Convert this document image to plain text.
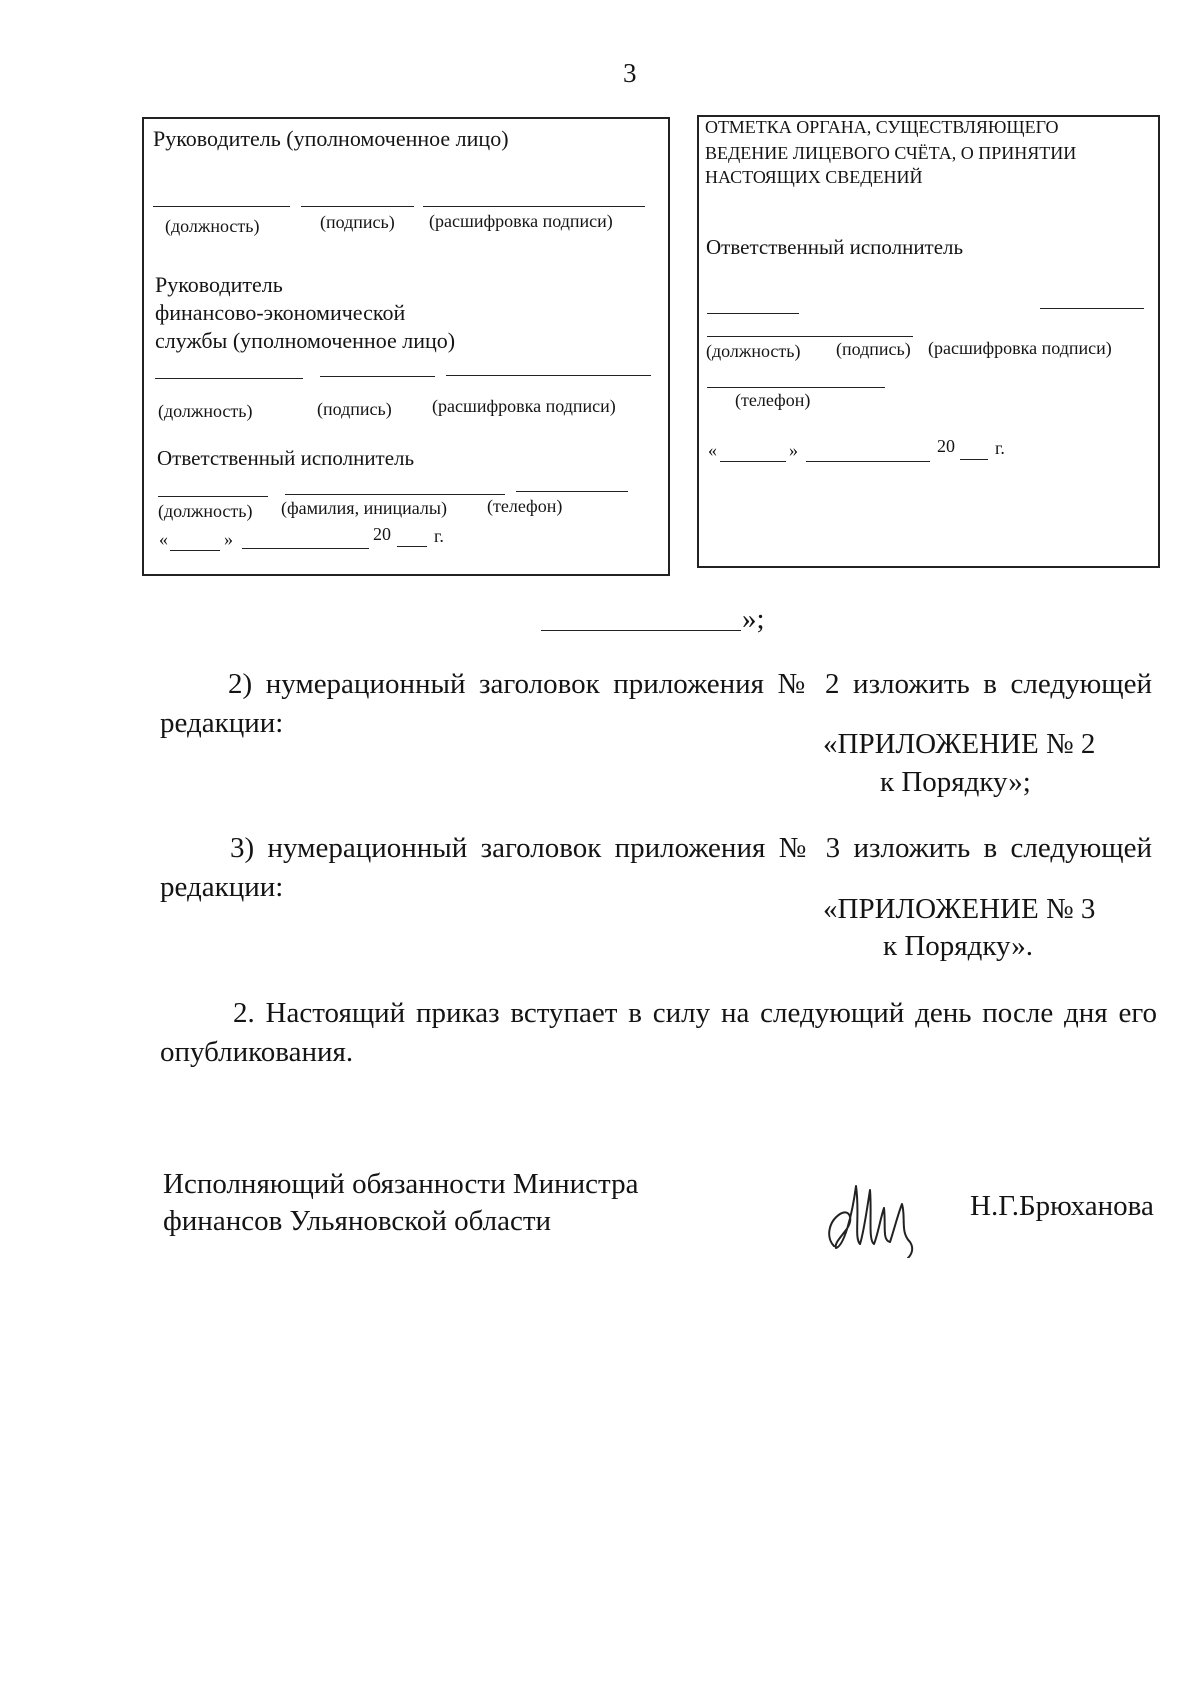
3
Руководитель (уполномоченное лицо)
(должность)	(подпись) (расшифровка подписи)
Руководитель
финансово-экономической
службы (уполномоченное лицо)
(должность)	(подпись) (расшифровка подписи)
Ответственный исполнитель
(должность) (фамилия, инициалы) (телефон)
«	»	20 г.
ОТМЕТКА ОРГАНА, СУЩЕСТВЛЯЮЩЕГО
ВЕДЕНИЕ ЛИЦЕВОГО СЧЁТА, О ПРИНЯТИИ
НАСТОЯЩИХ СВЕДЕНИЙ
Ответственный исполнитель
(должность) (подпись) (расшифровка подписи)
(телефон)
«	»	20 г.
»;
2) нумерационный заголовок приложения № 2 изложить в следующей
редакции:
«ПРИЛОЖЕНИЕ № 2
к Порядку»;
3) нумерационный заголовок приложения № 3 изложить в следующей
редакции:
«ПРИЛОЖЕНИЕ № 3
к Порядку».
2. Настоящий приказ вступает в силу на следующий день после дня его
опубликования.
Исполняющий обязанности Министра
финансов Ульяновской области	Н.Г.Брюханова
